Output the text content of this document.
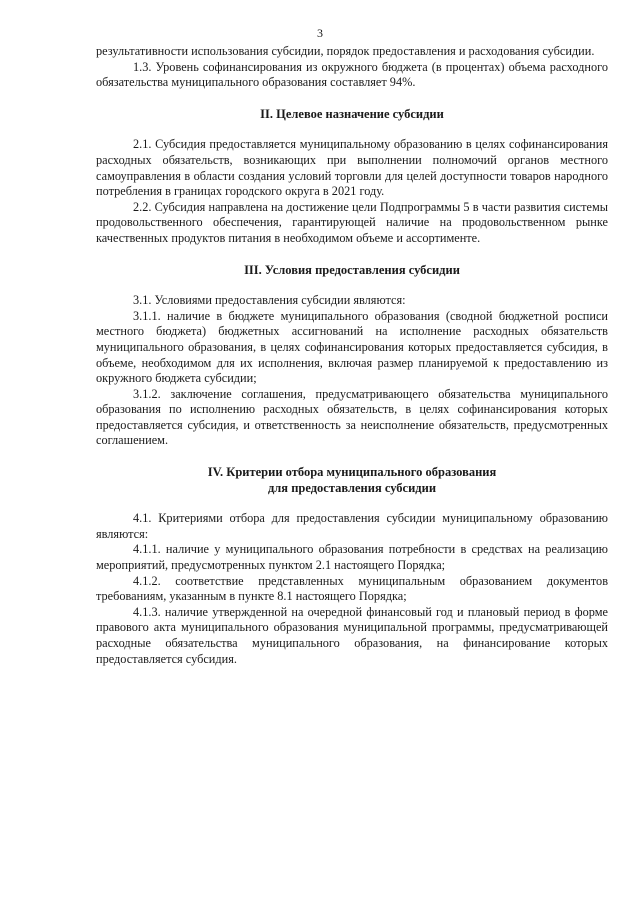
3

результативности использования субсидии, порядок предоставления и расходования субсидии.

1.3. Уровень софинансирования из окружного бюджета (в процентах) объема расходного обязательства муниципального образования составляет 94%.

II. Целевое назначение субсидии

2.1. Субсидия предоставляется муниципальному образованию в целях софинансирования расходных обязательств, возникающих при выполнении полномочий органов местного самоуправления в области создания условий торговли для целей доступности товаров народного потребления в границах городского округа в 2021 году.

2.2. Субсидия направлена на достижение цели Подпрограммы 5 в части развития системы продовольственного обеспечения, гарантирующей наличие на продовольственном рынке качественных продуктов питания в необходимом объеме и ассортименте.

III. Условия предоставления субсидии

3.1. Условиями предоставления субсидии являются:

3.1.1. наличие в бюджете муниципального образования (сводной бюджетной росписи местного бюджета) бюджетных ассигнований на исполнение расходных обязательств муниципального образования, в целях софинансирования которых предоставляется субсидия, в объеме, необходимом для их исполнения, включая размер планируемой к предоставлению из окружного бюджета субсидии;

3.1.2. заключение соглашения, предусматривающего обязательства муниципального образования по исполнению расходных обязательств, в целях софинансирования которых предоставляется субсидия, и ответственность за неисполнение обязательств, предусмотренных соглашением.

IV. Критерии отбора муниципального образования
для предоставления субсидии

4.1. Критериями отбора для предоставления субсидии муниципальному образованию являются:

4.1.1. наличие у муниципального образования потребности в средствах на реализацию мероприятий, предусмотренных пунктом 2.1 настоящего Порядка;

4.1.2. соответствие представленных муниципальным образованием документов требованиям, указанным в пункте 8.1 настоящего Порядка;

4.1.3. наличие утвержденной на очередной финансовый год и плановый период в форме правового акта муниципального образования муниципальной программы, предусматривающей расходные обязательства муниципального образования, на финансирование которых предоставляется субсидия.
